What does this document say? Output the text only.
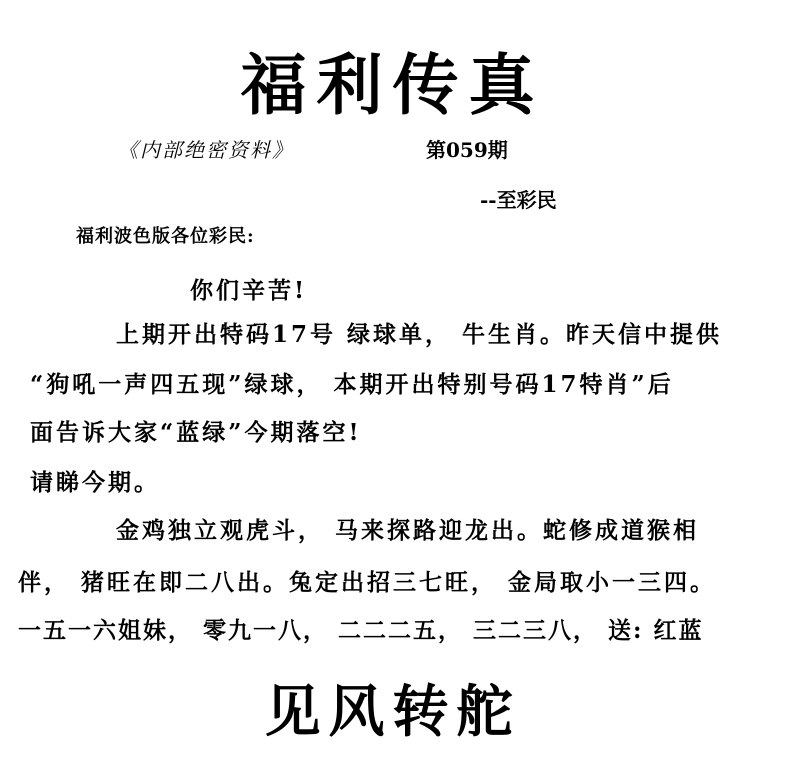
福利传真
《内部绝密资料》	第059期
--至彩民
福利波色版各位彩民:
你们辛苦!
上期开出特码17号 绿球单， 牛生肖。昨天信中提供
“狗吼一声四五现”绿球， 本期开出特别号码17特肖”后
面告诉大家“蓝绿”今期落空!
请睇今期。
金鸡独立观虎斗， 马来探路迎龙出。蛇修成道猴相
伴， 猪旺在即二八出。兔定出招三七旺， 金局取小一三四。
一五一六姐妹， 零九一八， 二二二五， 三二三八， 送: 红蓝
见风转舵
